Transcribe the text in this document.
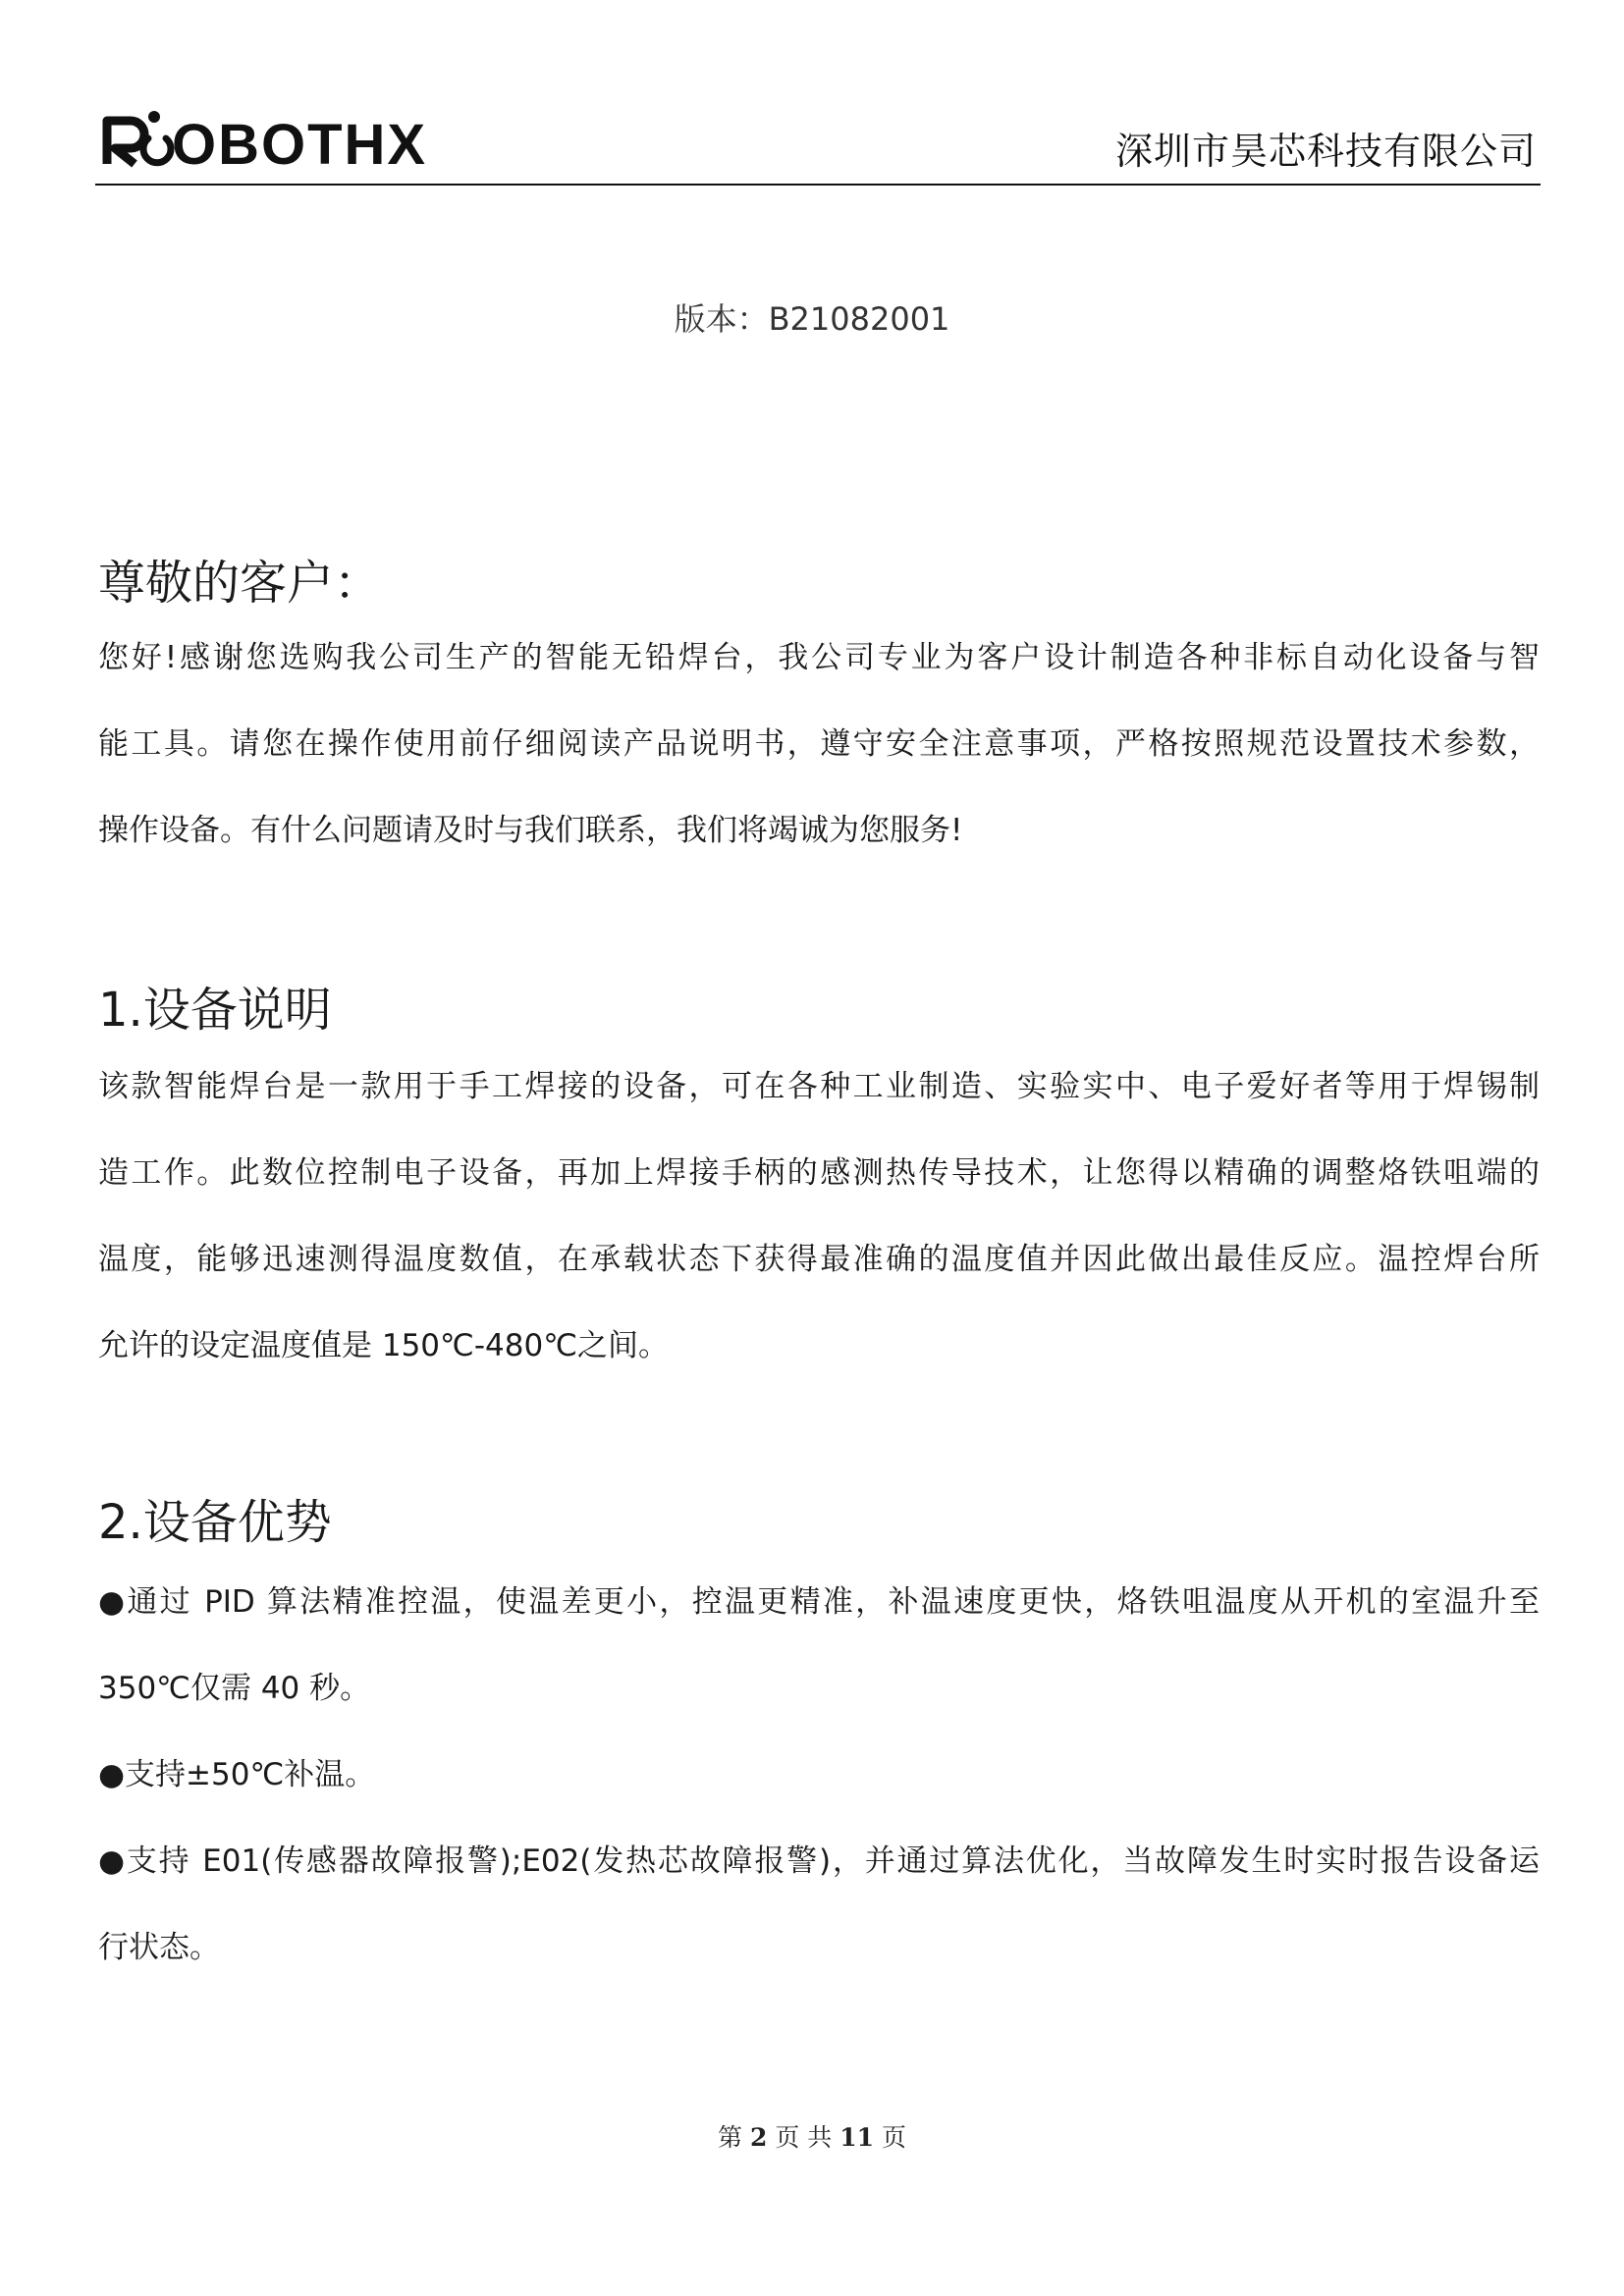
OBOTHX	深圳市昊芯科技有限公司
版本：B21082001
尊敬的客户：
您好!感谢您选购我公司生产的智能无铅焊台，我公司专业为客户设计制造各种非标自动化设备与智
能工具。请您在操作使用前仔细阅读产品说明书，遵守安全注意事项，严格按照规范设置技术参数，
操作设备。有什么问题请及时与我们联系，我们将竭诚为您服务!
1.设备说明
该款智能焊台是一款用于手工焊接的设备，可在各种工业制造、实验实中、电子爱好者等用于焊锡制
造工作。此数位控制电子设备，再加上焊接手柄的感测热传导技术，让您得以精确的调整烙铁咀端的
温度，能够迅速测得温度数值，在承载状态下获得最准确的温度值并因此做出最佳反应。温控焊台所
允许的设定温度值是 150℃-480℃之间。
2.设备优势
●通过 PID 算法精准控温，使温差更小，控温更精准，补温速度更快，烙铁咀温度从开机的室温升至
350℃仅需 40 秒。
●支持±50℃补温。
●支持 E01(传感器故障报警);E02(发热芯故障报警)，并通过算法优化，当故障发生时实时报告设备运
行状态。
第 2 页 共 11 页
